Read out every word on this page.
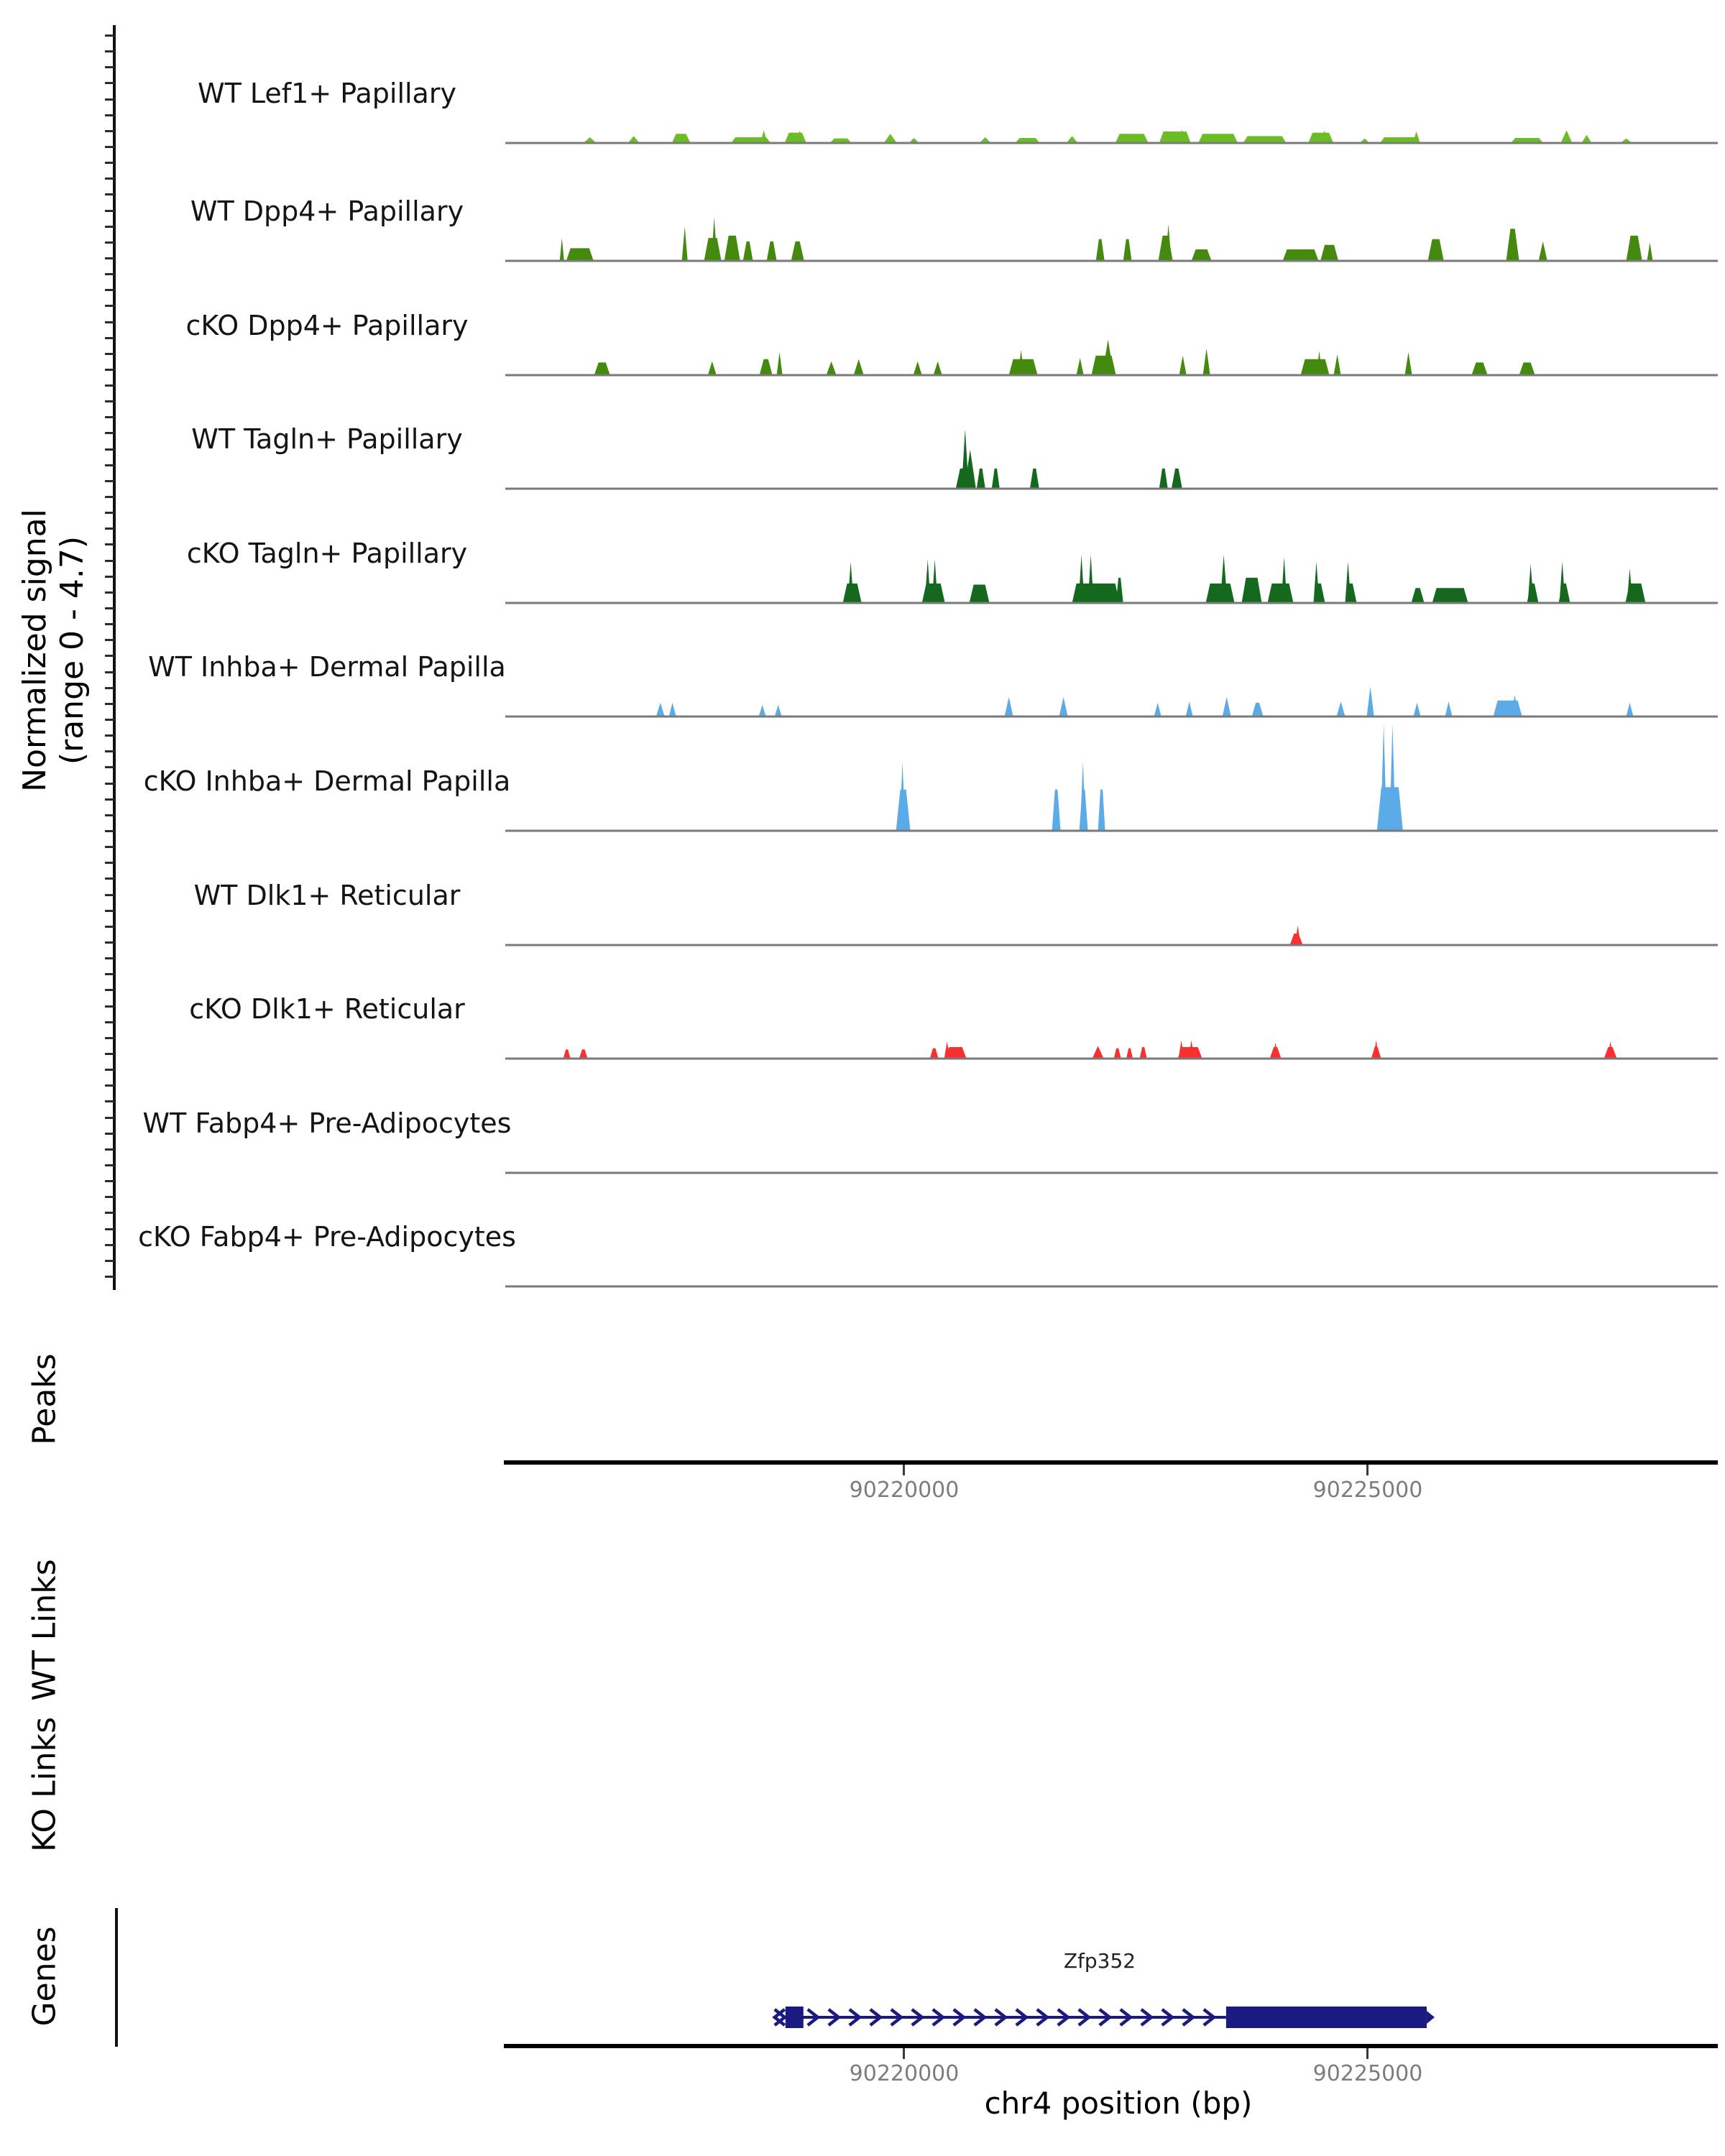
Normalized signal (range 0 - 4.7)
WT Lef1+ Papillary
WT Dpp4+ Papillary
cKO Dpp4+ Papillary
WT Tagln+ Papillary
cKO Tagln+ Papillary
WT Inhba+ Dermal Papilla
cKO Inhba+ Dermal Papilla
WT Dlk1+ Reticular
cKO Dlk1+ Reticular
WT Fabp4+ Pre-Adipocytes
cKO Fabp4+ Pre-Adipocytes
Peaks
WT Links
KO Links
Genes
90220000	90225000
90220000	90225000
Zfp352
chr4 position (bp)
